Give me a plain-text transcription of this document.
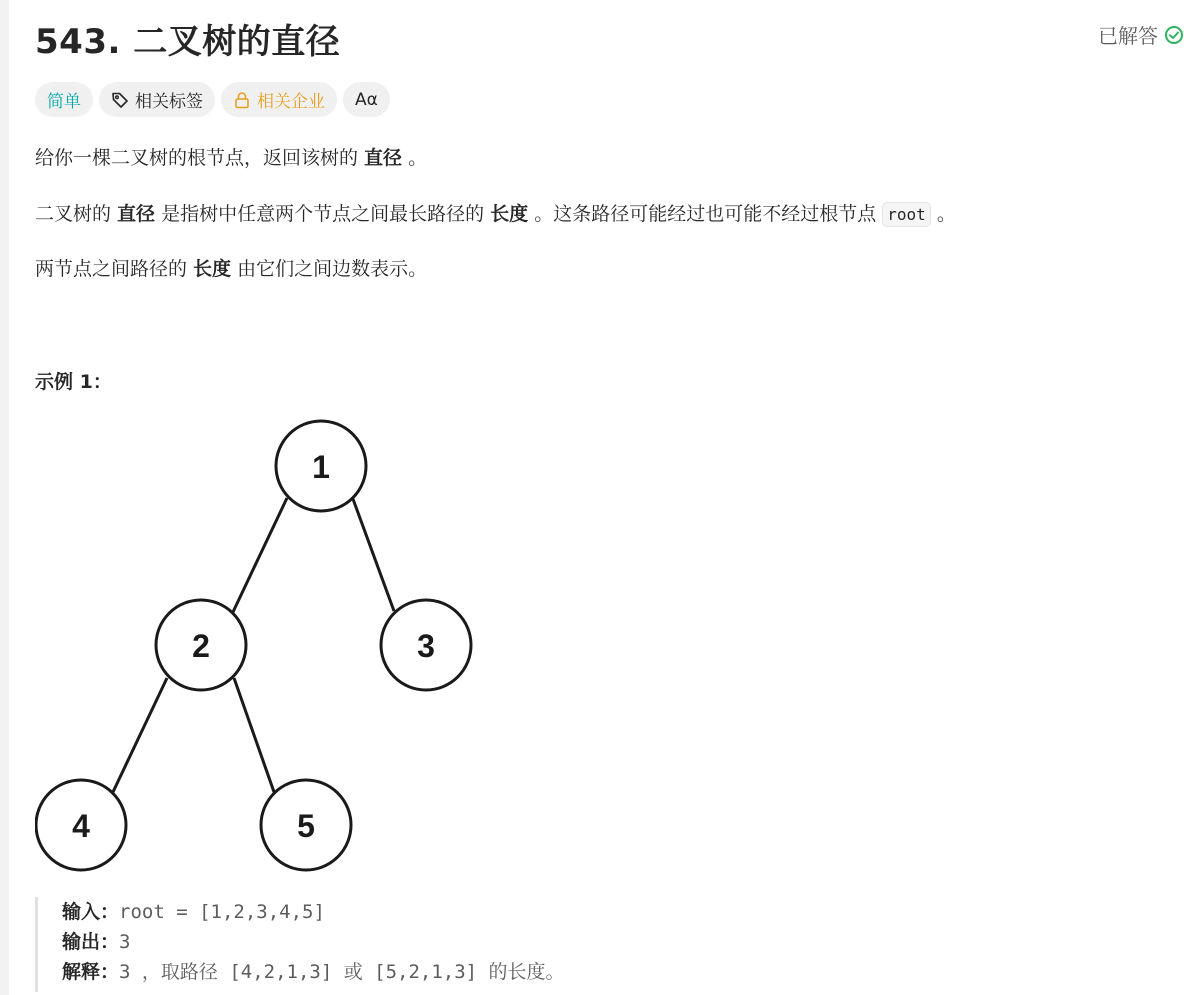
543. 二叉树的直径	已解答
简单	相关标签	相关企业 Aα

给你一棵二叉树的根节点，返回该树的 直径 。

二叉树的 直径 是指树中任意两个节点之间最长路径的 长度 。这条路径可能经过也可能不经过根节点 root 。

两节点之间路径的 长度 由它们之间边数表示。

示例 1：

1
2	3
4	5
输入：root = [1,2,3,4,5]
输出：3
解释：3 ，取路径 [4,2,1,3] 或 [5,2,1,3] 的长度。
